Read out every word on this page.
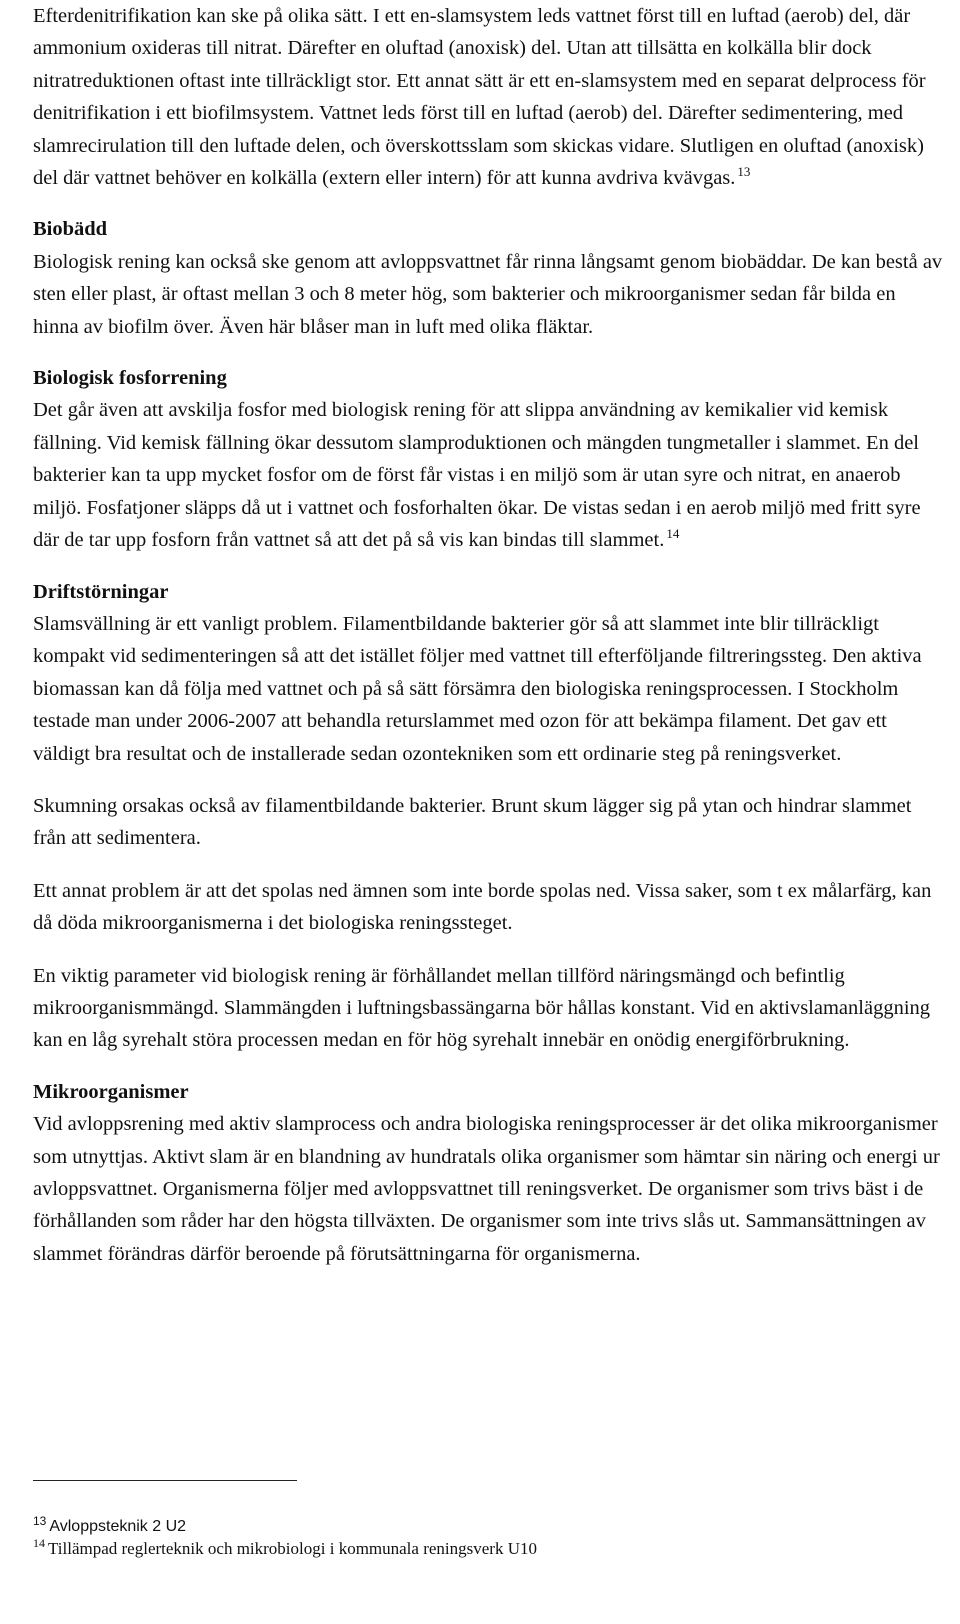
Efterdenitrifikation kan ske på olika sätt. I ett en-slamsystem leds vattnet först till en luftad (aerob) del, där ammonium oxideras till nitrat. Därefter en oluftad (anoxisk) del. Utan att tillsätta en kolkälla blir dock nitratreduktionen oftast inte tillräckligt stor. Ett annat sätt är ett en-slamsystem med en separat delprocess för denitrifikation i ett biofilmsystem. Vattnet leds först till en luftad (aerob) del. Därefter sedimentering, med slamrecirulation till den luftade delen, och överskottsslam som skickas vidare. Slutligen en oluftad (anoxisk) del där vattnet behöver en kolkälla (extern eller intern) för att kunna avdriva kvävgas. $^{13}$

Biobädd

Biologisk rening kan också ske genom att avloppsvattnet får rinna långsamt genom biobäddar. De kan bestå av sten eller plast, är oftast mellan 3 och 8 meter hög, som bakterier och mikroorganismer sedan får bilda en hinna av biofilm över. Även här blåser man in luft med olika fläktar.

Biologisk fosforrening

Det går även att avskilja fosfor med biologisk rening för att slippa användning av kemikalier vid kemisk fällning. Vid kemisk fällning ökar dessutom slamproduktionen och mängden tungmetaller i slammet. En del bakterier kan ta upp mycket fosfor om de först får vistas i en miljö som är utan syre och nitrat, en anaerob miljö. Fosfatjoner släpps då ut i vattnet och fosforhalten ökar. De vistas sedan i en aerob miljö med fritt syre där de tar upp fosforn från vattnet så att det på så vis kan bindas till slammet. $^{14}$

Driftstörningar

Slamsvällning är ett vanligt problem. Filamentbildande bakterier gör så att slammet inte blir tillräckligt kompakt vid sedimenteringen så att det istället följer med vattnet till efterföljande filtreringssteg. Den aktiva biomassan kan då följa med vattnet och på så sätt försämra den biologiska reningsprocessen. I Stockholm testade man under 2006-2007 att behandla returslammet med ozon för att bekämpa filament. Det gav ett väldigt bra resultat och de installerade sedan ozontekniken som ett ordinarie steg på reningsverket.

Skumning orsakas också av filamentbildande bakterier. Brunt skum lägger sig på ytan och hindrar slammet från att sedimentera.

Ett annat problem är att det spolas ned ämnen som inte borde spolas ned. Vissa saker, som t ex målarfärg, kan då döda mikroorganismerna i det biologiska reningssteget.

En viktig parameter vid biologisk rening är förhållandet mellan tillförd näringsmängd och befintlig mikroorganismmängd. Slammängden i luftningsbassängarna bör hållas konstant. Vid en aktivslamanläggning kan en låg syrehalt störa processen medan en för hög syrehalt innebär en onödig energiförbrukning.

Mikroorganismer

Vid avloppsrening med aktiv slamprocess och andra biologiska reningsprocesser är det olika mikroorganismer som utnyttjas. Aktivt slam är en blandning av hundratals olika organismer som hämtar sin näring och energi ur avloppsvattnet. Organismerna följer med avloppsvattnet till reningsverket. De organismer som trivs bäst i de förhållanden som råder har den högsta tillväxten. De organismer som inte trivs slås ut. Sammansättningen av slammet förändras därför beroende på förutsättningarna för organismerna.

$^{13}$ Avloppsteknik 2 U2

$^{14}$ Tillämpad reglerteknik och mikrobiologi i kommunala reningsverk U10
